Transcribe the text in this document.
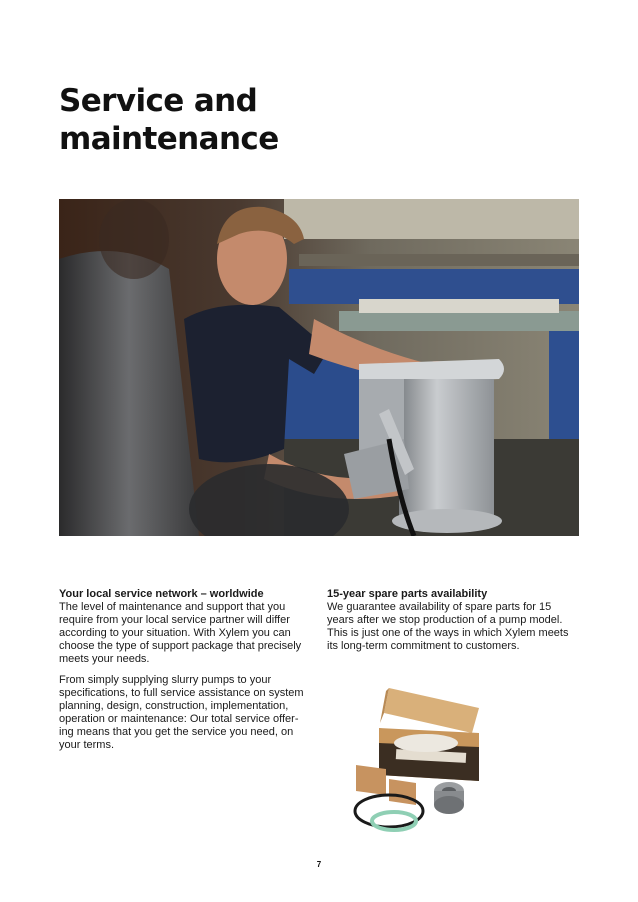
Service and
maintenance
Your local service network – worldwide

The level of maintenance and support that you require from your local service partner will differ according to your situation. With Xylem you can choose the type of support package that precisely meets your needs.

From simply supplying slurry pumps to your specifications, to full service assistance on system planning, design, construction, implementation, operation or maintenance: Our total service offer-ing means that you get the service you need, on your terms.

15-year spare parts availability

We guarantee availability of spare parts for 15 years after we stop production of a pump model. This is just one of the ways in which Xylem meets its long-term commitment to customers.

7
